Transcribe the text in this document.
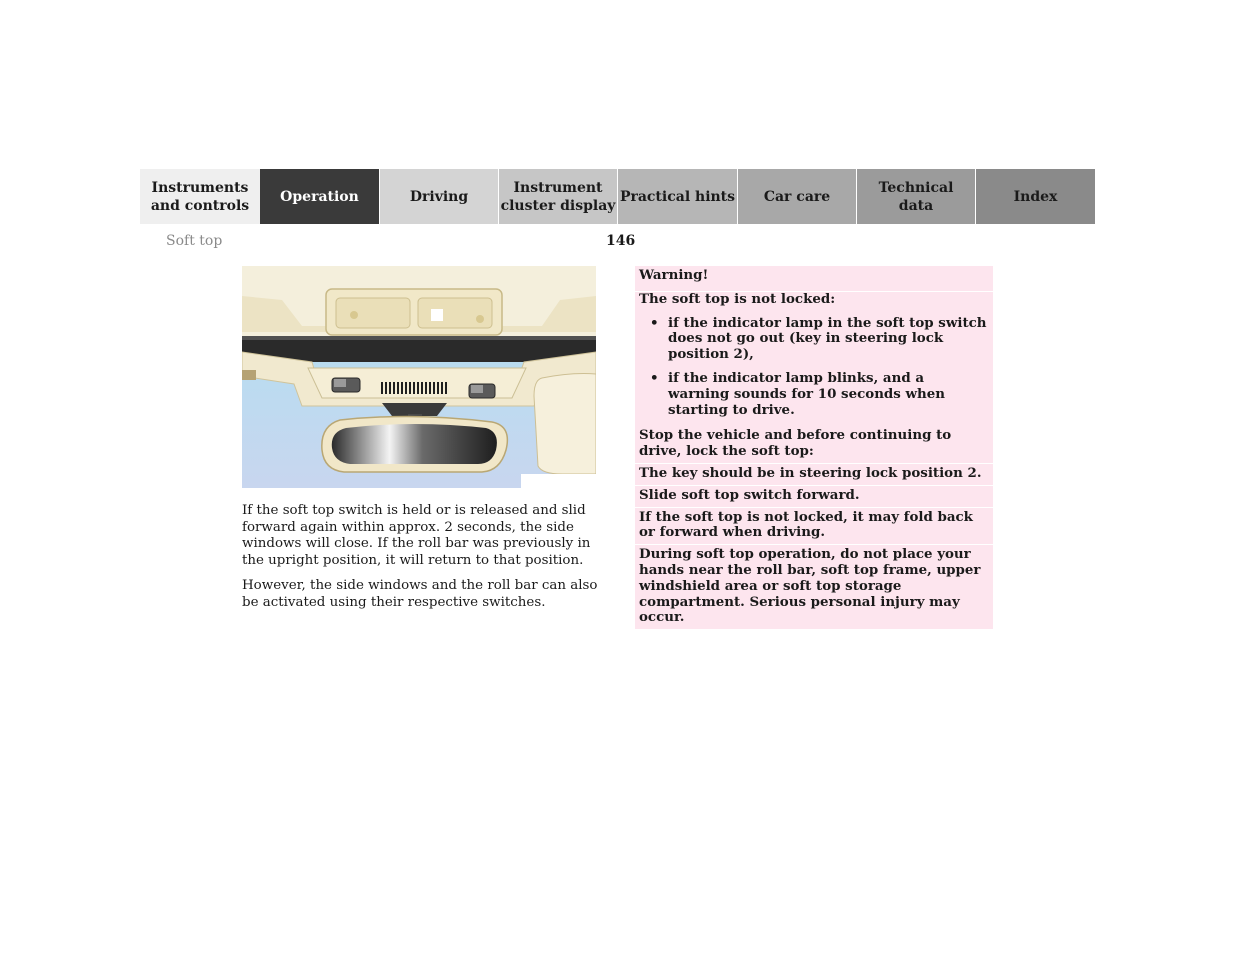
Instruments
and controls
Operation	Driving
Instrument
cluster display
Practical hints Car care
Technical
data
Index
Soft top	146

If the soft top switch is held or is released and slid forward again within approx. 2 seconds, the side windows will close. If the roll bar was previously in the upright position, it will return to that position.

However, the side windows and the roll bar can also be activated using their respective switches.

Warning!
The soft top is not locked:
• if the indicator lamp in the soft top switch does not go out (key in steering lock position 2),
• if the indicator lamp blinks, and a warning sounds for 10 seconds when starting to drive.
Stop the vehicle and before continuing to drive, lock the soft top:
The key should be in steering lock position 2.
Slide soft top switch forward.
If the soft top is not locked, it may fold back or forward when driving.
During soft top operation, do not place your hands near the roll bar, soft top frame, upper windshield area or soft top storage compartment. Serious personal injury may occur.
